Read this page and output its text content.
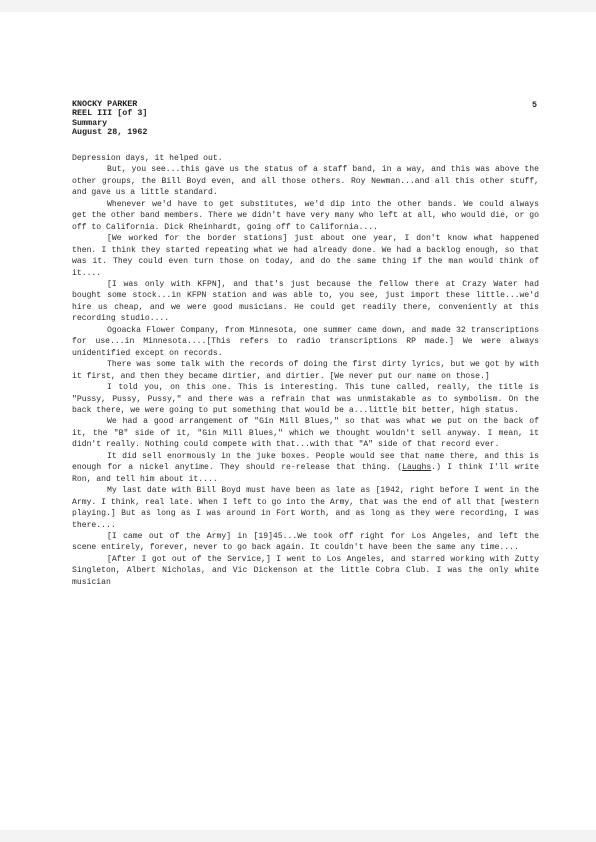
KNOCKY PARKER
REEL III [of 3]
Summary
August 28, 1962
5

Depression days, it helped out.

But, you see...this gave us the status of a staff band, in a way, and this was above the other groups, the Bill Boyd even, and all those others. Roy Newman...and all this other stuff, and gave us a little standard.

Whenever we'd have to get substitutes, we'd dip into the other bands. We could always get the other band members. There we didn't have very many who left at all, who would die, or go off to California. Dick Rheinhardt, going off to California....

[We worked for the border stations] just about one year, I don't know what happened then. I think they started repeating what we had already done. We had a backlog enough, so that was it. They could even turn those on today, and do the same thing if the man would think of it....

[I was only with KFPN], and that's just because the fellow there at Crazy Water had bought some stock...in KFPN station and was able to, you see, just import these little...we'd hire us cheap, and we were good musicians. He could get readily there, conveniently at this recording studio....

Ogoacka Flower Company, from Minnesota, one summer came down, and made 32 transcriptions for use...in Minnesota....[This refers to radio transcriptions RP made.] We were always unidentified except on records.

There was some talk with the records of doing the first dirty lyrics, but we got by with it first, and then they became dirtier, and dirtier. [We never put our name on those.]

I told you, on this one. This is interesting. This tune called, really, the title is "Pussy, Pussy, Pussy," and there was a refrain that was unmistakable as to symbolism. On the back there, we were going to put something that would be a...little bit better, high status.

We had a good arrangement of "Gin Mill Blues," so that was what we put on the back of it, the "B" side of it, "Gin Mill Blues," which we thought wouldn't sell anyway. I mean, it didn't really. Nothing could compete with that...with that "A" side of that record ever.

It did sell enormously in the juke boxes. People would see that name there, and this is enough for a nickel anytime. They should re-release that thing. (Laughs.) I think I'll write Ron, and tell him about it....

My last date with Bill Boyd must have been as late as [1942, right before I went in the Army. I think, real late. When I left to go into the Army, that was the end of all that [western playing.] But as long as I was around in Fort Worth, and as long as they were recording, I was there....

[I came out of the Army] in [19]45...We took off right for Los Angeles, and left the scene entirely, forever, never to go back again. It couldn't have been the same any time....

[After I got out of the Service,] I went to Los Angeles, and starred working with Zutty Singleton, Albert Nicholas, and Vic Dickenson at the little Cobra Club. I was the only white musician
